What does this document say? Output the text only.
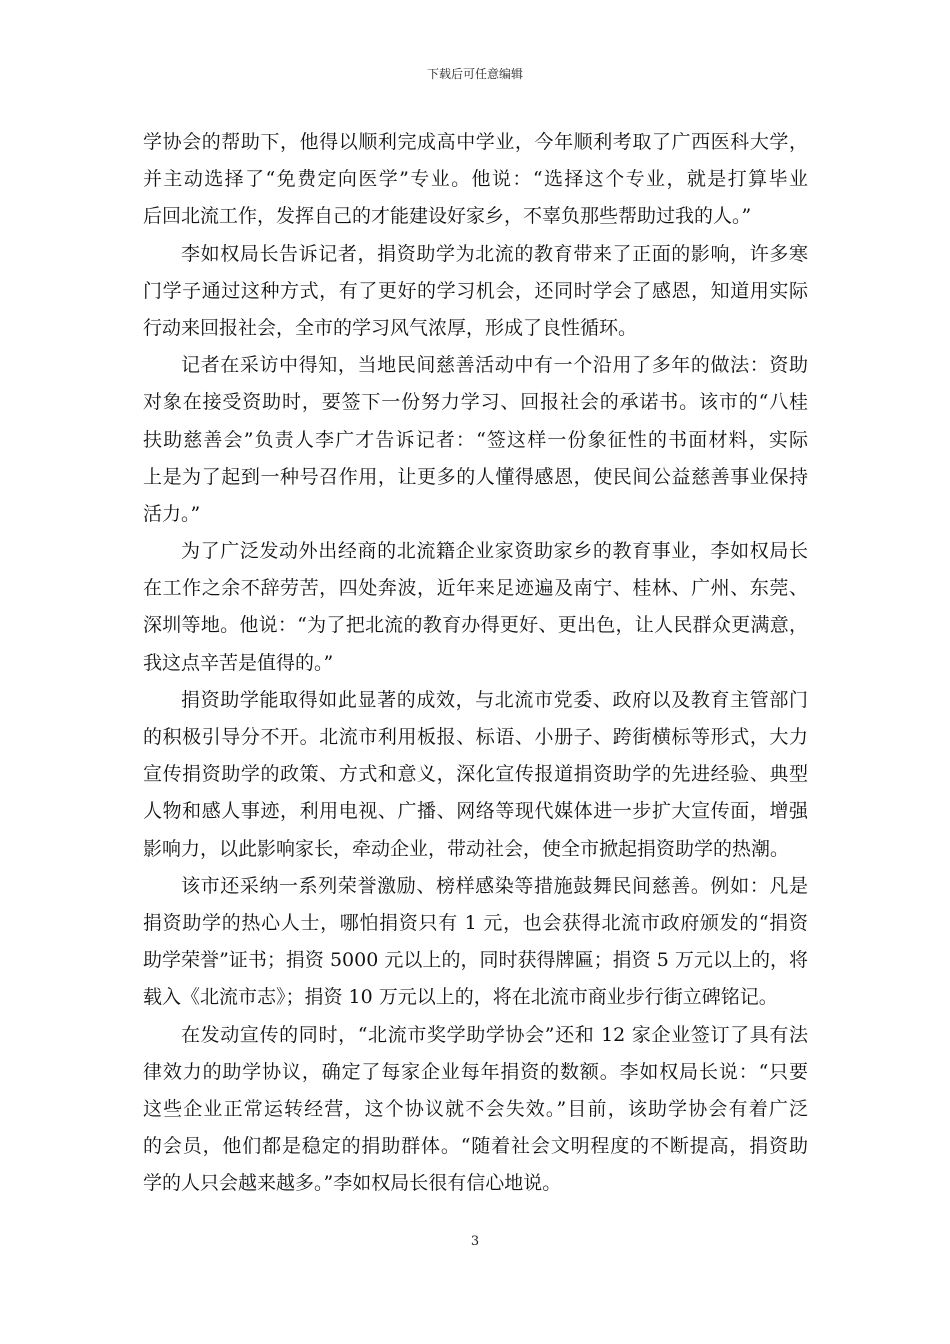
下载后可任意编辑
学协会的帮助下，他得以顺利完成高中学业，今年顺利考取了广西医科大学，
并主动选择了“免费定向医学”专业。他说：“选择这个专业，就是打算毕业
后回北流工作，发挥自己的才能建设好家乡，不辜负那些帮助过我的人。”
李如权局长告诉记者，捐资助学为北流的教育带来了正面的影响，许多寒
门学子通过这种方式，有了更好的学习机会，还同时学会了感恩，知道用实际
行动来回报社会，全市的学习风气浓厚，形成了良性循环。
记者在采访中得知，当地民间慈善活动中有一个沿用了多年的做法：资助
对象在接受资助时，要签下一份努力学习、回报社会的承诺书。该市的“八桂
扶助慈善会”负责人李广才告诉记者：“签这样一份象征性的书面材料，实际
上是为了起到一种号召作用，让更多的人懂得感恩，使民间公益慈善事业保持
活力。”
为了广泛发动外出经商的北流籍企业家资助家乡的教育事业，李如权局长
在工作之余不辞劳苦，四处奔波，近年来足迹遍及南宁、桂林、广州、东莞、
深圳等地。他说：“为了把北流的教育办得更好、更出色，让人民群众更满意，
我这点辛苦是值得的。”
捐资助学能取得如此显著的成效，与北流市党委、政府以及教育主管部门
的积极引导分不开。北流市利用板报、标语、小册子、跨街横标等形式，大力
宣传捐资助学的政策、方式和意义，深化宣传报道捐资助学的先进经验、典型
人物和感人事迹，利用电视、广播、网络等现代媒体进一步扩大宣传面，增强
影响力，以此影响家长，牵动企业，带动社会，使全市掀起捐资助学的热潮。
该市还采纳一系列荣誉激励、榜样感染等措施鼓舞民间慈善。例如：凡是
捐资助学的热心人士，哪怕捐资只有 1 元，也会获得北流市政府颁发的“捐资
助学荣誉”证书；捐资 5000 元以上的，同时获得牌匾；捐资 5 万元以上的，将
载入《北流市志》；捐资 10 万元以上的，将在北流市商业步行街立碑铭记。
在发动宣传的同时，“北流市奖学助学协会”还和 12 家企业签订了具有法
律效力的助学协议，确定了每家企业每年捐资的数额。李如权局长说：“只要
这些企业正常运转经营，这个协议就不会失效。”目前，该助学协会有着广泛
的会员，他们都是稳定的捐助群体。“随着社会文明程度的不断提高，捐资助
学的人只会越来越多。”李如权局长很有信心地说。
3
